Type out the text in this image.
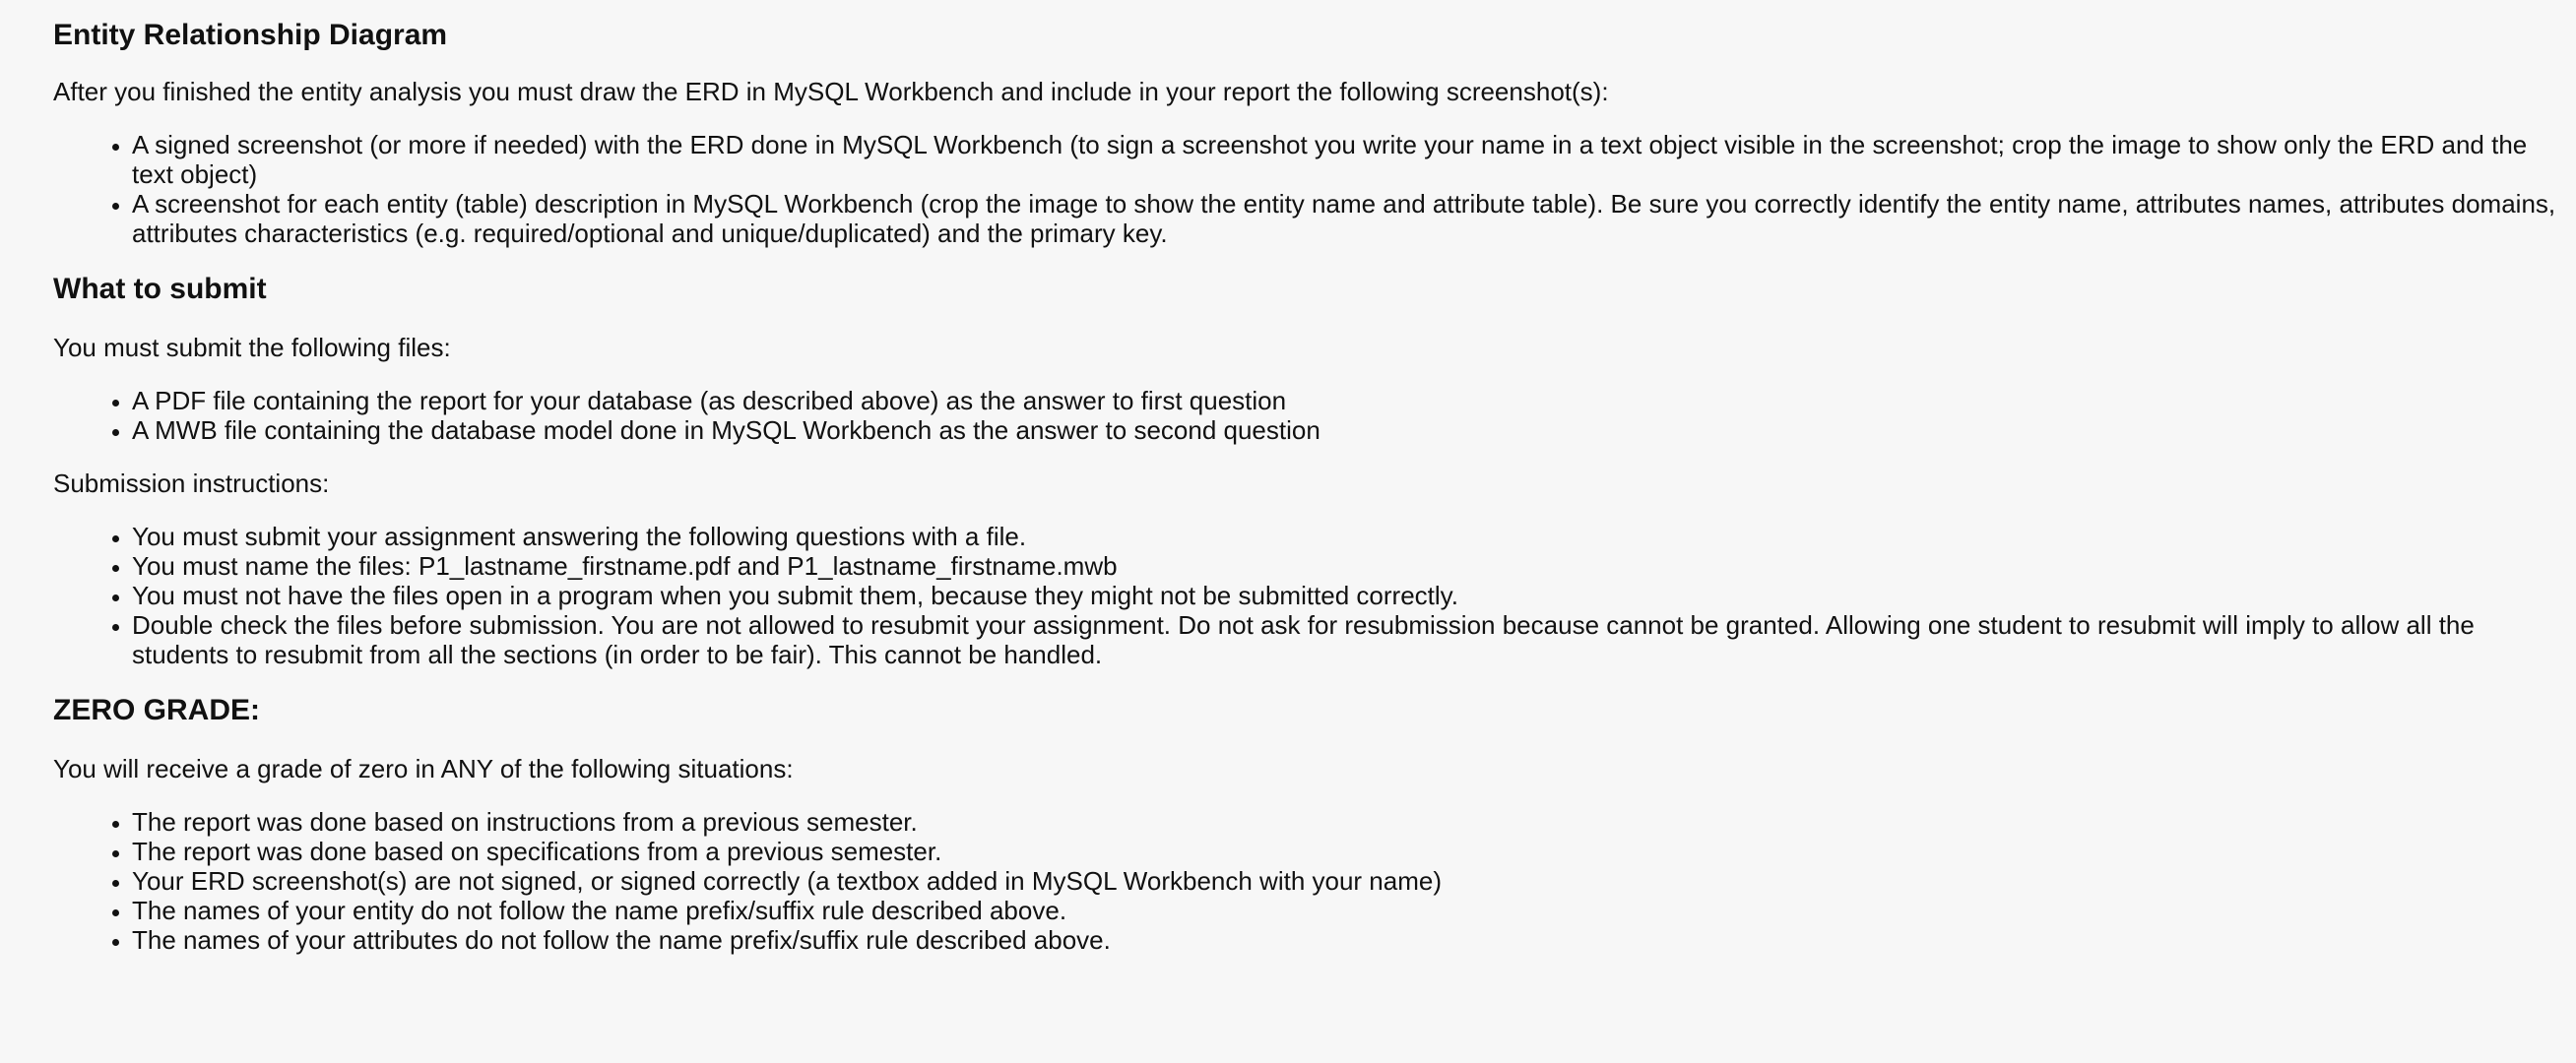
Entity Relationship Diagram

After you finished the entity analysis you must draw the ERD in MySQL Workbench and include in your report the following screenshot(s):

• A signed screenshot (or more if needed) with the ERD done in MySQL Workbench (to sign a screenshot you write your name in a text object visible in the screenshot; crop the image to show only the ERD and the text object)
• A screenshot for each entity (table) description in MySQL Workbench (crop the image to show the entity name and attribute table). Be sure you correctly identify the entity name, attributes names, attributes domains, attributes characteristics (e.g. required/optional and unique/duplicated) and the primary key.
What to submit

You must submit the following files:

• A PDF file containing the report for your database (as described above) as the answer to first question
• A MWB file containing the database model done in MySQL Workbench as the answer to second question

Submission instructions:

• You must submit your assignment answering the following questions with a file.
• You must name the files: P1_lastname_firstname.pdf and P1_lastname_firstname.mwb
• You must not have the files open in a program when you submit them, because they might not be submitted correctly.
• Double check the files before submission. You are not allowed to resubmit your assignment. Do not ask for resubmission because cannot be granted. Allowing one student to resubmit will imply to allow all the students to resubmit from all the sections (in order to be fair). This cannot be handled.
ZERO GRADE:

You will receive a grade of zero in ANY of the following situations:

• The report was done based on instructions from a previous semester.
• The report was done based on specifications from a previous semester.
• Your ERD screenshot(s) are not signed, or signed correctly (a textbox added in MySQL Workbench with your name)
• The names of your entity do not follow the name prefix/suffix rule described above.
• The names of your attributes do not follow the name prefix/suffix rule described above.
